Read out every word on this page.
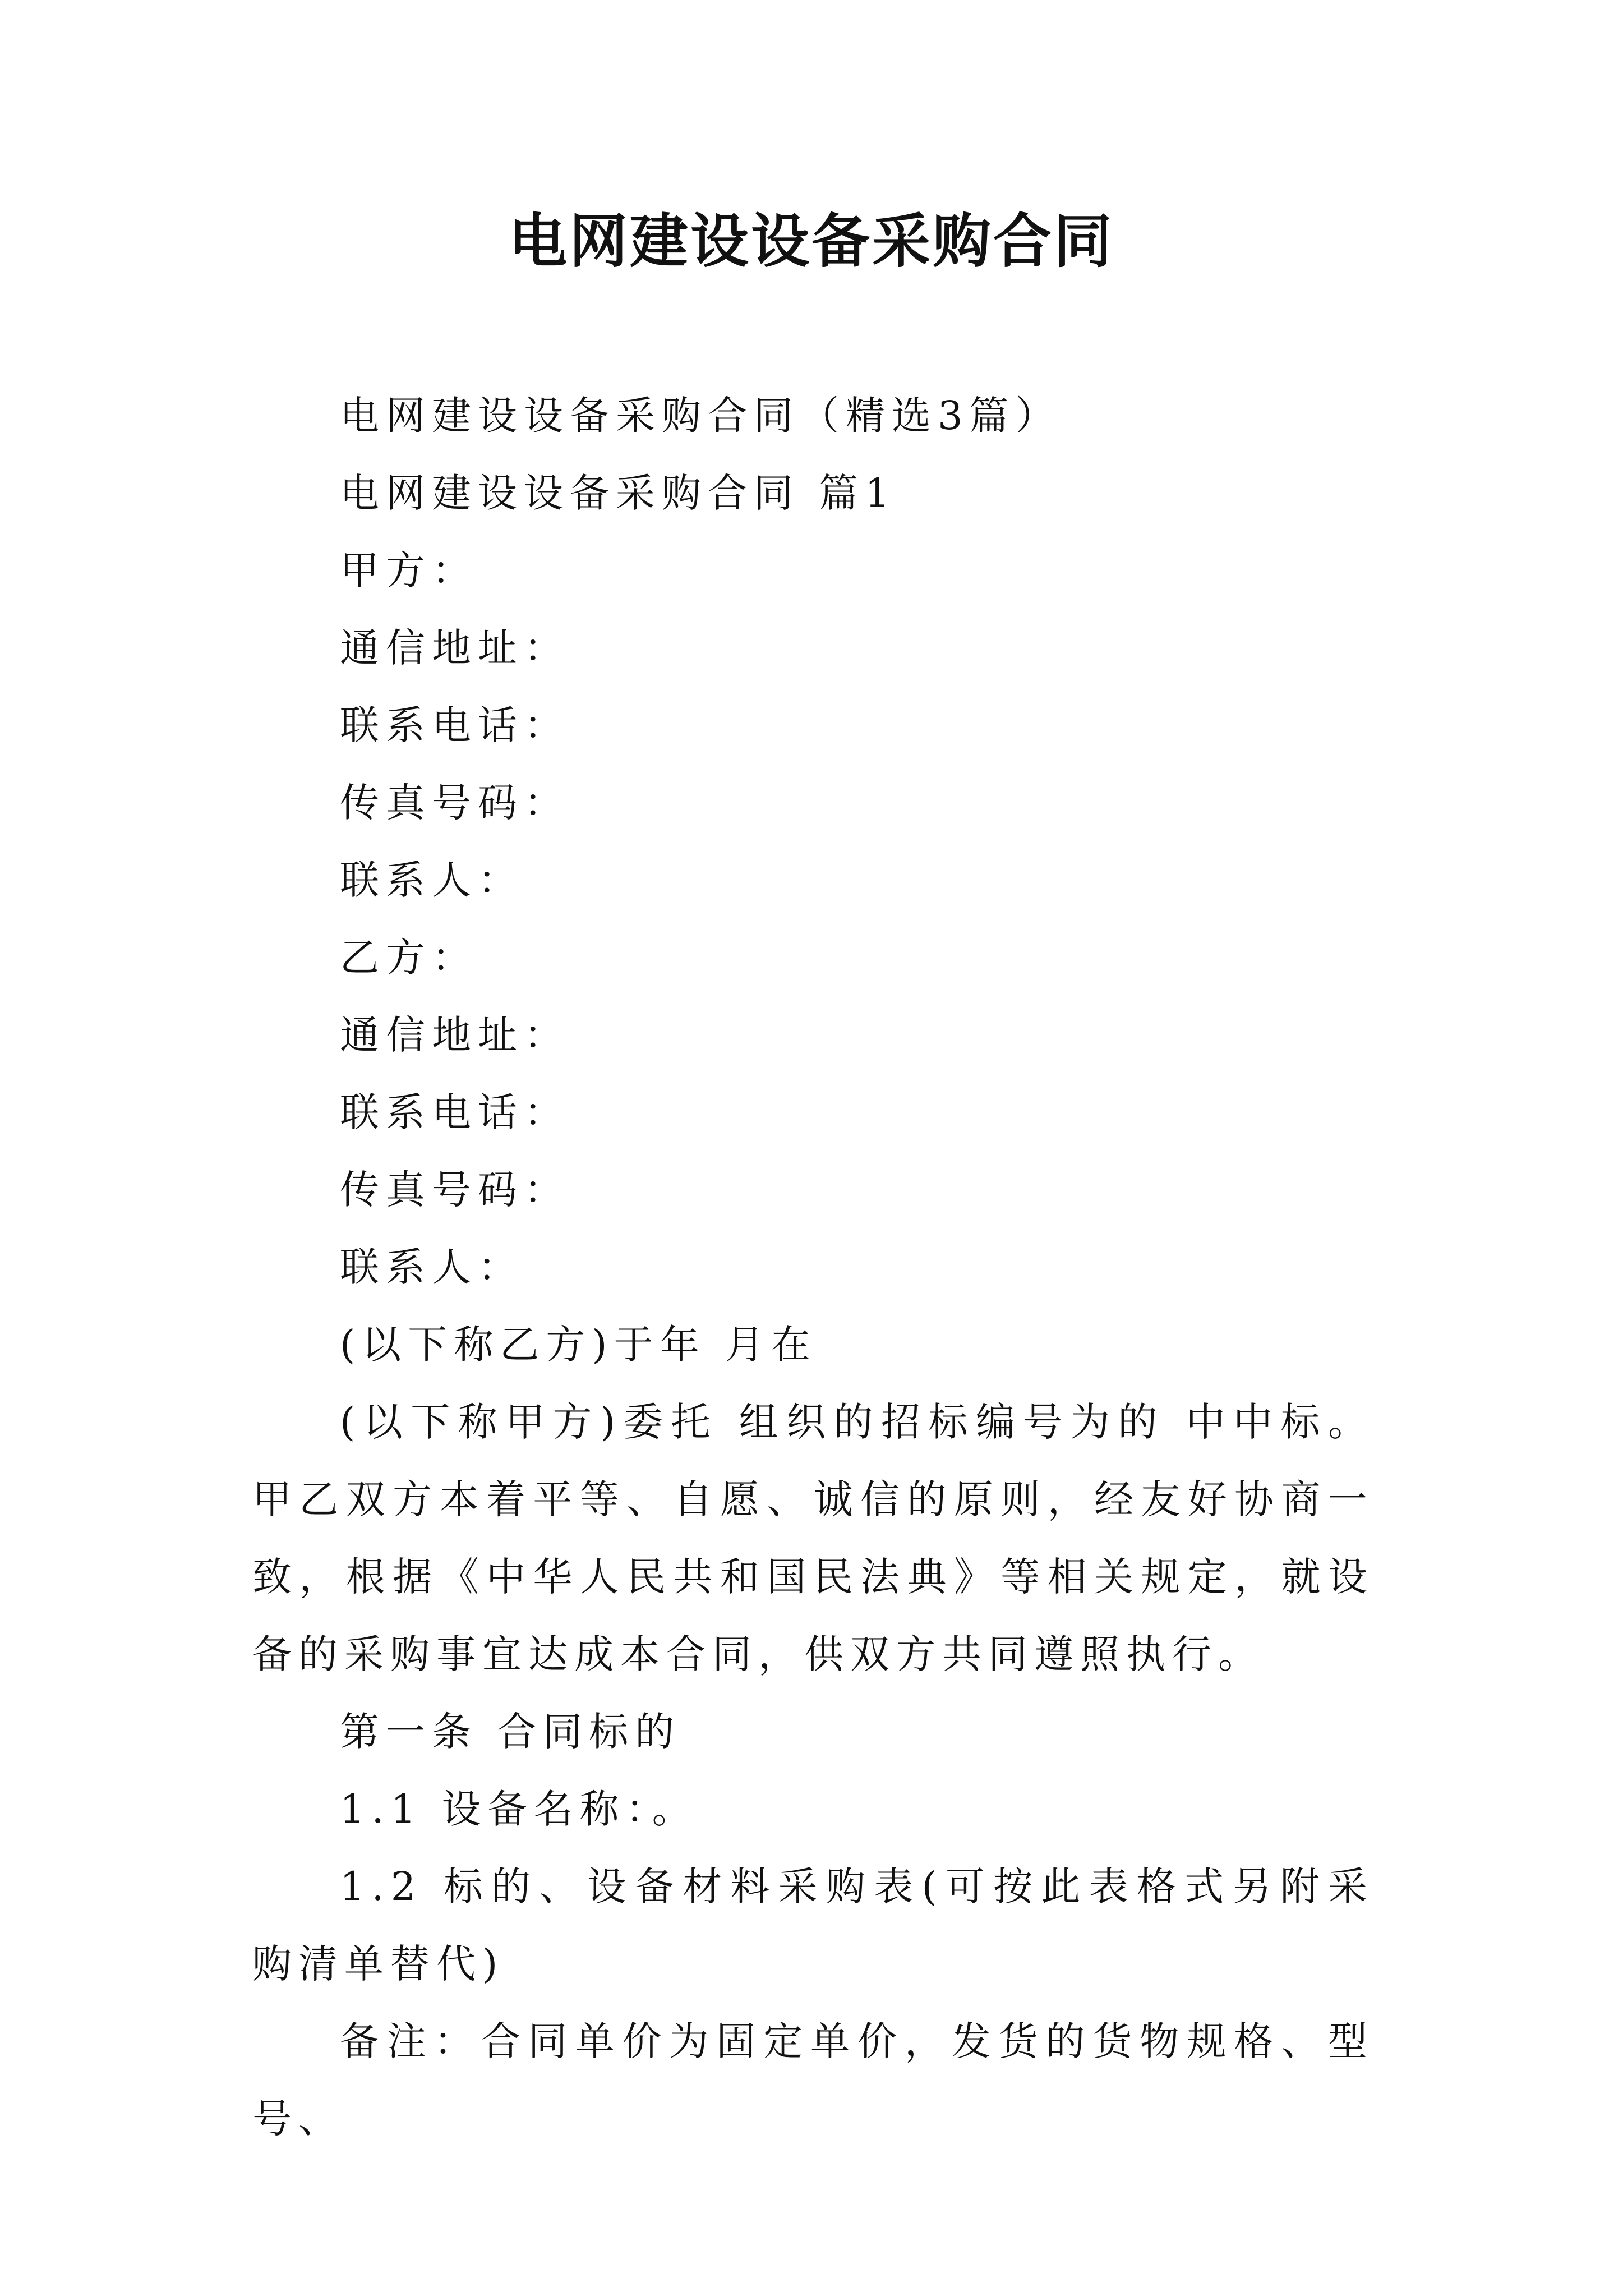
电网建设设备采购合同

电网建设设备采购合同（精选3篇）

电网建设设备采购合同 篇1

甲方：

通信地址：

联系电话：

传真号码：

联系人：

乙方：

通信地址：

联系电话：

传真号码：

联系人：

(以下称乙方)于年 月在

(以下称甲方)委托 组织的招标编号为的 中中标。甲乙双方本着平等、自愿、诚信的原则，经友好协商一致，根据《中华人民共和国民法典》等相关规定，就设备的采购事宜达成本合同，供双方共同遵照执行。

第一条 合同标的

1.1 设备名称：。

1.2 标的、设备材料采购表(可按此表格式另附采购清单替代)

备注：合同单价为固定单价，发货的货物规格、型号、
